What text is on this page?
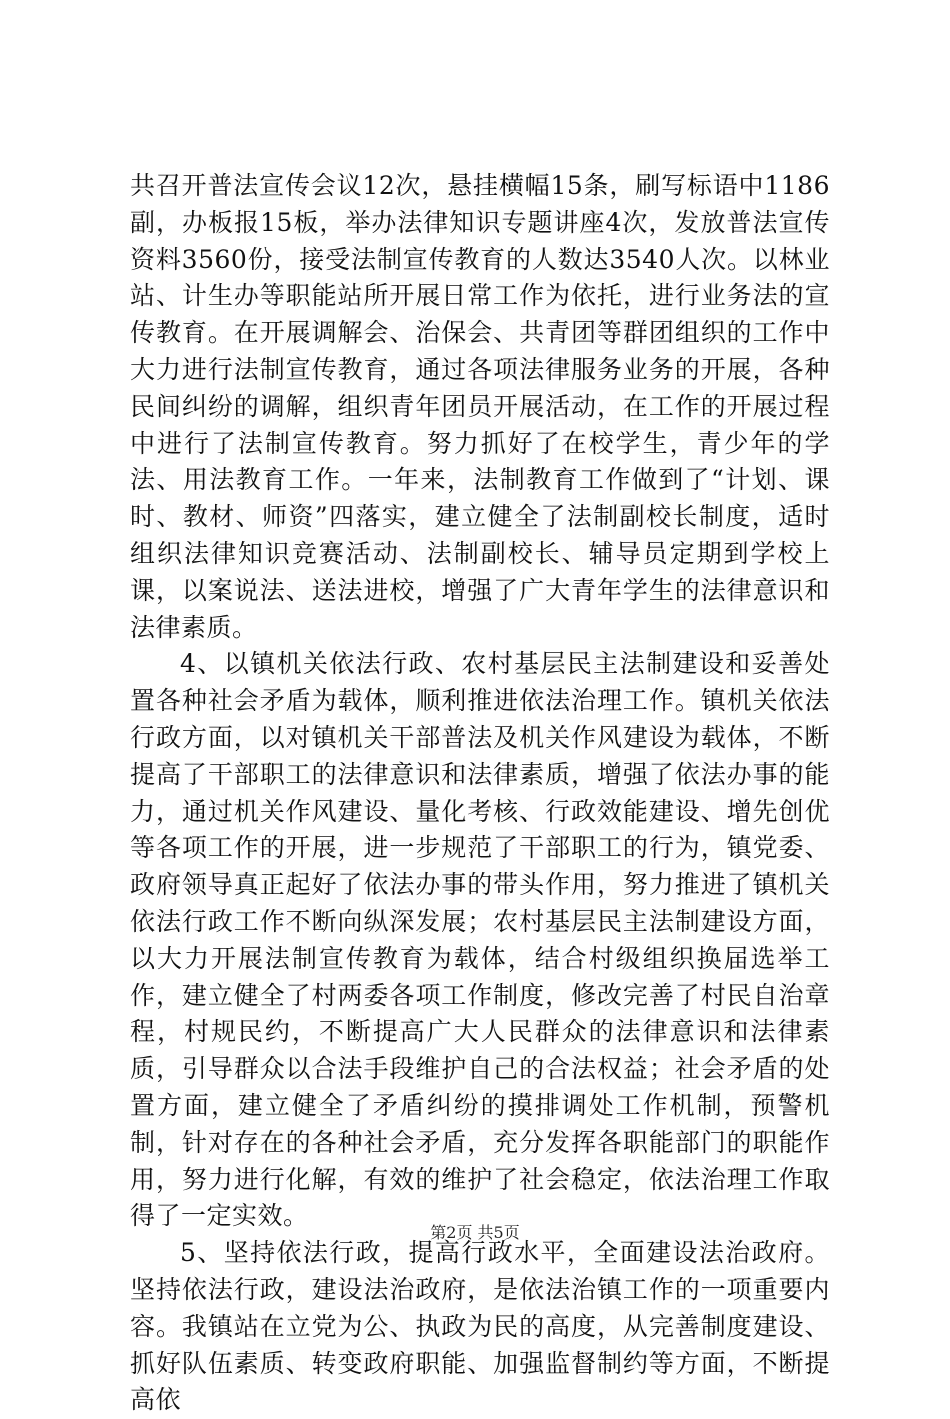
共召开普法宣传会议12次，悬挂横幅15条，刷写标语中1186副，办板报15板，举办法律知识专题讲座4次，发放普法宣传资料3560份，接受法制宣传教育的人数达3540人次。以林业站、计生办等职能站所开展日常工作为依托，进行业务法的宣传教育。在开展调解会、治保会、共青团等群团组织的工作中大力进行法制宣传教育，通过各项法律服务业务的开展，各种民间纠纷的调解，组织青年团员开展活动，在工作的开展过程中进行了法制宣传教育。努力抓好了在校学生，青少年的学法、用法教育工作。一年来，法制教育工作做到了“计划、课时、教材、师资”四落实，建立健全了法制副校长制度，适时组织法律知识竞赛活动、法制副校长、辅导员定期到学校上课，以案说法、送法进校，增强了广大青年学生的法律意识和法律素质。

4、以镇机关依法行政、农村基层民主法制建设和妥善处置各种社会矛盾为载体，顺利推进依法治理工作。镇机关依法行政方面，以对镇机关干部普法及机关作风建设为载体，不断提高了干部职工的法律意识和法律素质，增强了依法办事的能力，通过机关作风建设、量化考核、行政效能建设、增先创优等各项工作的开展，进一步规范了干部职工的行为，镇党委、政府领导真正起好了依法办事的带头作用，努力推进了镇机关依法行政工作不断向纵深发展；农村基层民主法制建设方面，以大力开展法制宣传教育为载体，结合村级组织换届选举工作，建立健全了村两委各项工作制度，修改完善了村民自治章程，村规民约，不断提高广大人民群众的法律意识和法律素质，引导群众以合法手段维护自己的合法权益；社会矛盾的处置方面，建立健全了矛盾纠纷的摸排调处工作机制，预警机制，针对存在的各种社会矛盾，充分发挥各职能部门的职能作用，努力进行化解，有效的维护了社会稳定，依法治理工作取得了一定实效。

5、坚持依法行政，提高行政水平，全面建设法治政府。坚持依法行政，建设法治政府，是依法治镇工作的一项重要内容。我镇站在立党为公、执政为民的高度，从完善制度建设、抓好队伍素质、转变政府职能、加强监督制约等方面，不断提高依

第2页 共5页
